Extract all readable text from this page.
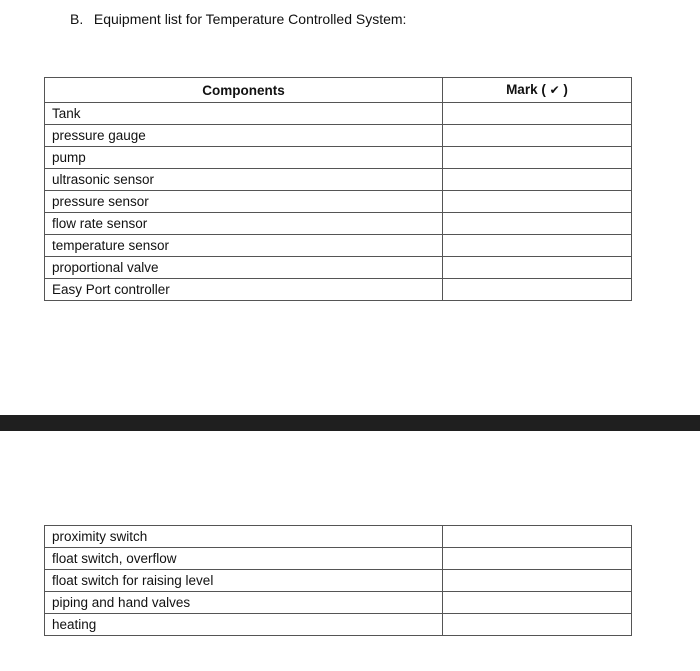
B. Equipment list for Temperature Controlled System:
Components	Mark ( ✔ )
Tank	
pressure gauge	
pump	
ultrasonic sensor	
pressure sensor	
flow rate sensor	
temperature sensor	
proportional valve	
Easy Port controller	
proximity switch	
float switch, overflow	
float switch for raising level	
piping and hand valves	
heating	
